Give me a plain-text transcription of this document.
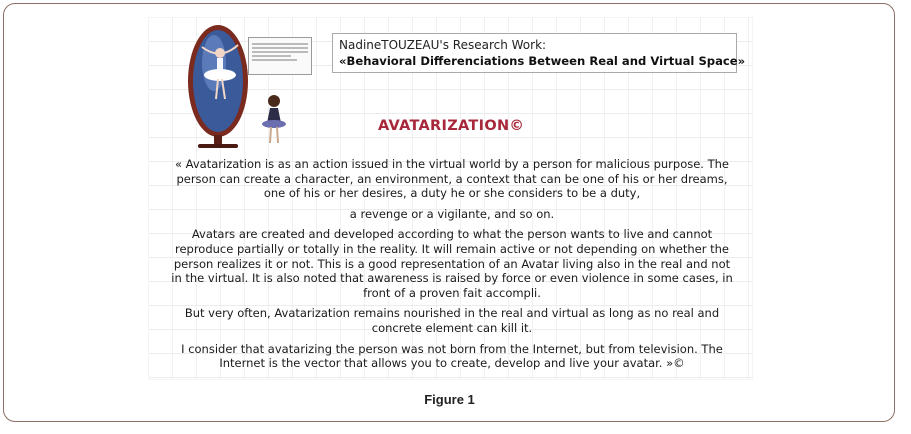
NadineTOUZEAU's Research Work:
«Behavioral Differenciations Between Real and Virtual Space»
AVATARIZATION©

« Avatarization is as an action issued in the virtual world by a person for malicious purpose. The person can create a character, an environment, a context that can be one of his or her dreams, one of his or her desires, a duty he or she considers to be a duty,

a revenge or a vigilante, and so on.

Avatars are created and developed according to what the person wants to live and cannot reproduce partially or totally in the reality. It will remain active or not depending on whether the person realizes it or not. This is a good representation of an Avatar living also in the real and not in the virtual. It is also noted that awareness is raised by force or even violence in some cases, in front of a proven fait accompli.

But very often, Avatarization remains nourished in the real and virtual as long as no real and concrete element can kill it.

I consider that avatarizing the person was not born from the Internet, but from television. The Internet is the vector that allows you to create, develop and live your avatar. »©

Figure 1
